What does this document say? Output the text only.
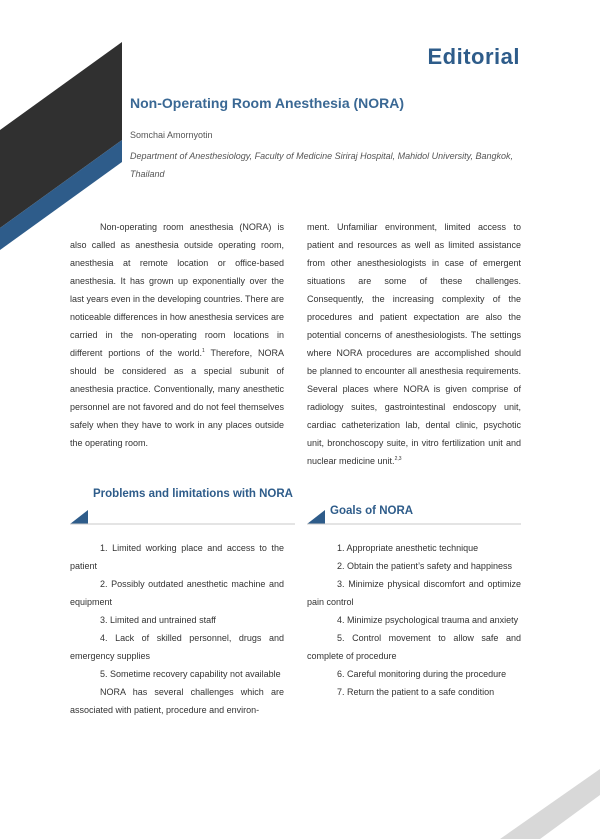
Editorial
Non-Operating Room Anesthesia (NORA)
Somchai Amornyotin
Department of Anesthesiology, Faculty of Medicine Siriraj Hospital, Mahidol University, Bangkok, Thailand

Non-operating room anesthesia (NORA) is also called as anesthesia outside operating room, anesthesia at remote location or office-based anesthesia. It has grown up exponentially over the last years even in the developing countries. There are noticeable differences in how anesthesia services are carried in the non-operating room locations in different portions of the world.$^1$ Therefore, NORA should be considered as a special subunit of anesthesia practice. Conventionally, many anesthetic personnel are not favored and do not feel themselves safely when they have to work in any places outside the operating room.

ment. Unfamiliar environment, limited access to patient and resources as well as limited assistance from other anesthesiologists in case of emergent situations are some of these challenges. Consequently, the increasing complexity of the procedures and patient expectation are also the potential concerns of anesthesiologists. The settings where NORA procedures are accomplished should be planned to encounter all anesthesia requirements. Several places where NORA is given comprise of radiology suites, gastrointestinal endoscopy unit, cardiac catheterization lab, dental clinic, psychotic unit, bronchoscopy suite, in vitro fertilization unit and nuclear medicine unit.$^{2,3}$

Problems and limitations with NORA
Goals of NORA
1. Limited working place and access to the patient
2. Possibly outdated anesthetic machine and equipment
3. Limited and untrained staff
4. Lack of skilled personnel, drugs and emergency supplies
5. Sometime recovery capability not available
NORA has several challenges which are associated with patient, procedure and environ-
1. Appropriate anesthetic technique
2. Obtain the patient’s safety and happiness
3. Minimize physical discomfort and optimize pain control
4. Minimize psychological trauma and anxiety
5. Control movement to allow safe and complete of procedure
6. Careful monitoring during the procedure
7. Return the patient to a safe condition
